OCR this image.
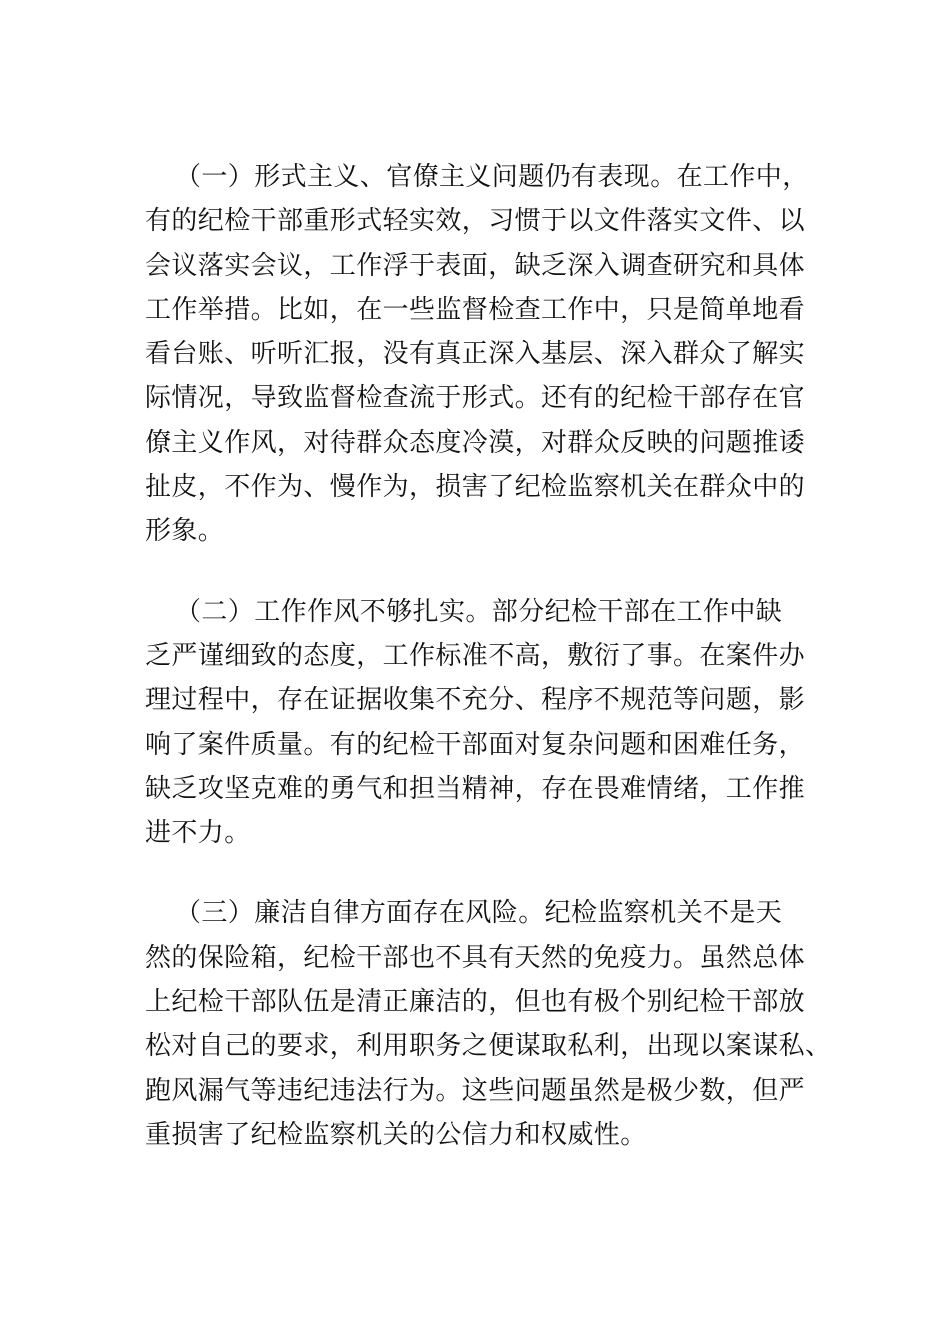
（一）形式主义、官僚主义问题仍有表现。在工作中，
有的纪检干部重形式轻实效，习惯于以文件落实文件、以
会议落实会议，工作浮于表面，缺乏深入调查研究和具体
工作举措。比如，在一些监督检查工作中，只是简单地看
看台账、听听汇报，没有真正深入基层、深入群众了解实
际情况，导致监督检查流于形式。还有的纪检干部存在官
僚主义作风，对待群众态度冷漠，对群众反映的问题推诿
扯皮，不作为、慢作为，损害了纪检监察机关在群众中的
形象。
（二）工作作风不够扎实。部分纪检干部在工作中缺
乏严谨细致的态度，工作标准不高，敷衍了事。在案件办
理过程中，存在证据收集不充分、程序不规范等问题，影
响了案件质量。有的纪检干部面对复杂问题和困难任务，
缺乏攻坚克难的勇气和担当精神，存在畏难情绪，工作推
进不力。
（三）廉洁自律方面存在风险。纪检监察机关不是天
然的保险箱，纪检干部也不具有天然的免疫力。虽然总体
上纪检干部队伍是清正廉洁的，但也有极个别纪检干部放
松对自己的要求，利用职务之便谋取私利，出现以案谋私、
跑风漏气等违纪违法行为。这些问题虽然是极少数，但严
重损害了纪检监察机关的公信力和权威性。
